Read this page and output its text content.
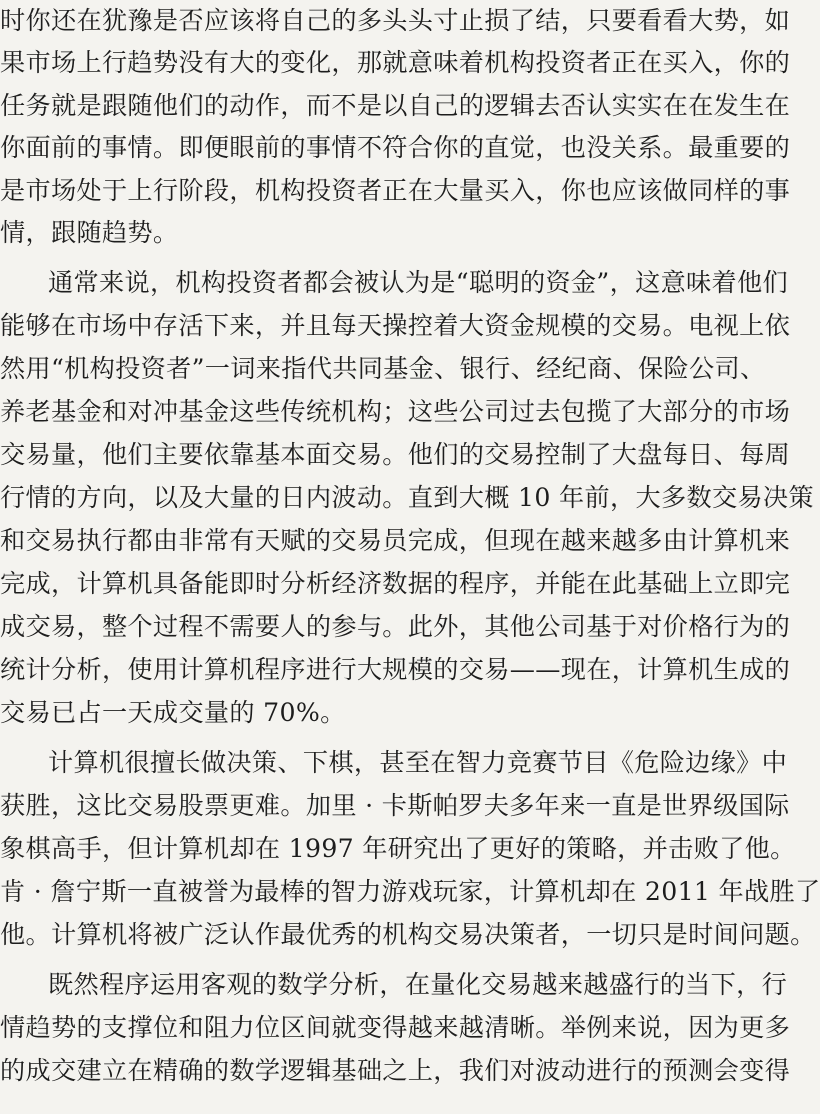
时你还在犹豫是否应该将自己的多头头寸止损了结，只要看看大势，如
果市场上行趋势没有大的变化，那就意味着机构投资者正在买入，你的
任务就是跟随他们的动作，而不是以自己的逻辑去否认实实在在发生在
你面前的事情。即便眼前的事情不符合你的直觉，也没关系。最重要的
是市场处于上行阶段，机构投资者正在大量买入，你也应该做同样的事
情，跟随趋势。
通常来说，机构投资者都会被认为是“聪明的资金”，这意味着他们
能够在市场中存活下来，并且每天操控着大资金规模的交易。电视上依
然用“机构投资者”一词来指代共同基金、银行、经纪商、保险公司、
养老基金和对冲基金这些传统机构；这些公司过去包揽了大部分的市场
交易量，他们主要依靠基本面交易。他们的交易控制了大盘每日、每周
行情的方向，以及大量的日内波动。直到大概 10 年前，大多数交易决策
和交易执行都由非常有天赋的交易员完成，但现在越来越多由计算机来
完成，计算机具备能即时分析经济数据的程序，并能在此基础上立即完
成交易，整个过程不需要人的参与。此外，其他公司基于对价格行为的
统计分析，使用计算机程序进行大规模的交易——现在，计算机生成的
交易已占一天成交量的 70%。
计算机很擅长做决策、下棋，甚至在智力竞赛节目《危险边缘》中
获胜，这比交易股票更难。加里 · 卡斯帕罗夫多年来一直是世界级国际
象棋高手，但计算机却在 1997 年研究出了更好的策略，并击败了他。
肯 · 詹宁斯一直被誉为最棒的智力游戏玩家，计算机却在 2011 年战胜了
他。计算机将被广泛认作最优秀的机构交易决策者，一切只是时间问题。
既然程序运用客观的数学分析，在量化交易越来越盛行的当下，行
情趋势的支撑位和阻力位区间就变得越来越清晰。举例来说，因为更多
的成交建立在精确的数学逻辑基础之上，我们对波动进行的预测会变得
